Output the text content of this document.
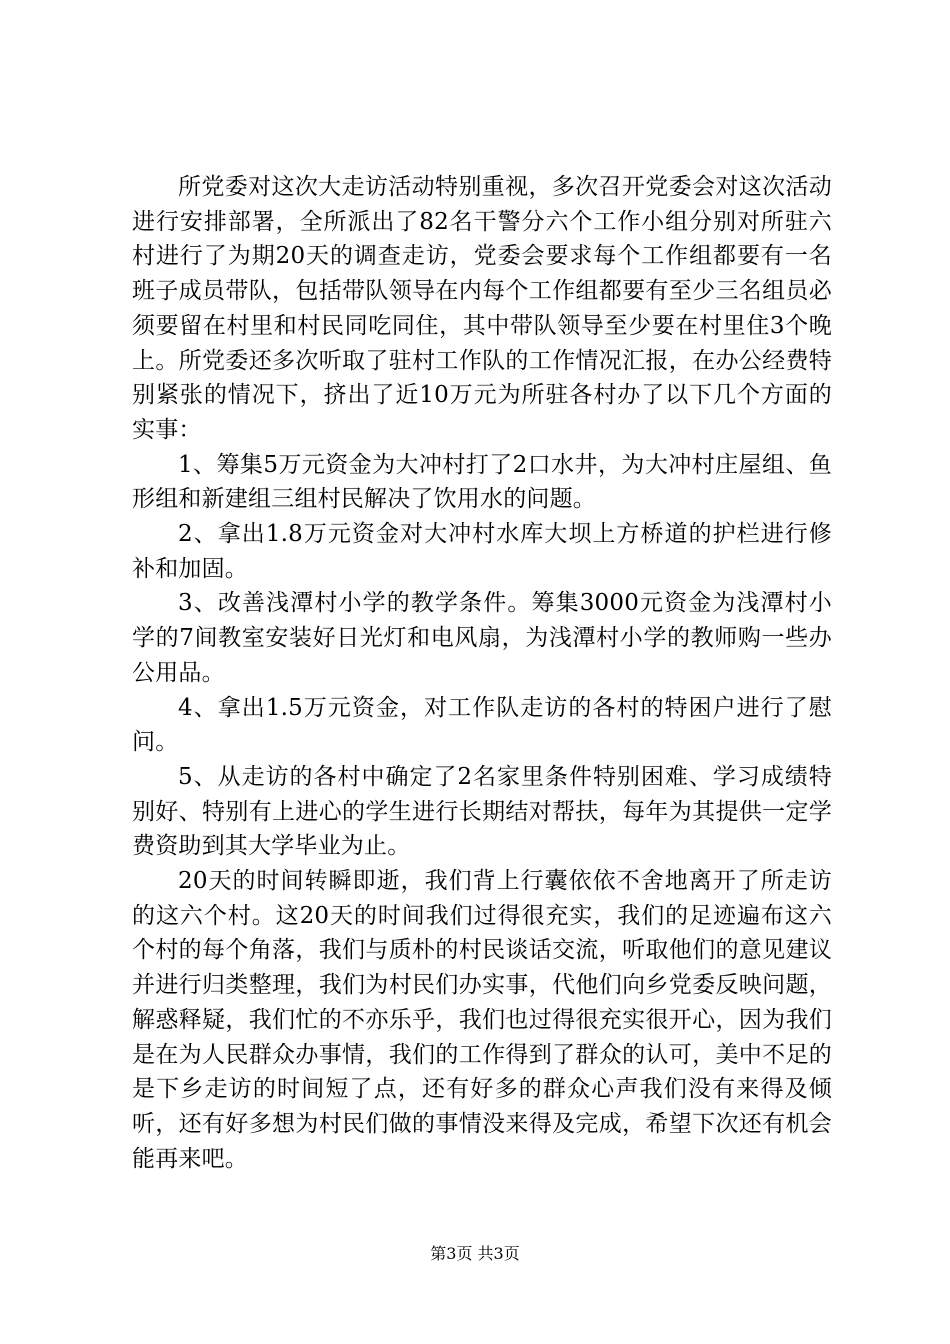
所党委对这次大走访活动特别重视，多次召开党委会对这次活动进行安排部署，全所派出了82名干警分六个工作小组分别对所驻六村进行了为期20天的调查走访，党委会要求每个工作组都要有一名班子成员带队，包括带队领导在内每个工作组都要有至少三名组员必须要留在村里和村民同吃同住，其中带队领导至少要在村里住3个晚上。所党委还多次听取了驻村工作队的工作情况汇报，在办公经费特别紧张的情况下，挤出了近10万元为所驻各村办了以下几个方面的实事：

1、筹集5万元资金为大冲村打了2口水井，为大冲村庄屋组、鱼形组和新建组三组村民解决了饮用水的问题。

2、拿出1.8万元资金对大冲村水库大坝上方桥道的护栏进行修补和加固。

3、改善浅潭村小学的教学条件。筹集3000元资金为浅潭村小学的7间教室安装好日光灯和电风扇，为浅潭村小学的教师购一些办公用品。

4、拿出1.5万元资金，对工作队走访的各村的特困户进行了慰问。

5、从走访的各村中确定了2名家里条件特别困难、学习成绩特别好、特别有上进心的学生进行长期结对帮扶，每年为其提供一定学费资助到其大学毕业为止。

20天的时间转瞬即逝，我们背上行囊依依不舍地离开了所走访的这六个村。这20天的时间我们过得很充实，我们的足迹遍布这六个村的每个角落，我们与质朴的村民谈话交流，听取他们的意见建议并进行归类整理，我们为村民们办实事，代他们向乡党委反映问题，解惑释疑，我们忙的不亦乐乎，我们也过得很充实很开心，因为我们是在为人民群众办事情，我们的工作得到了群众的认可，美中不足的是下乡走访的时间短了点，还有好多的群众心声我们没有来得及倾听，还有好多想为村民们做的事情没来得及完成，希望下次还有机会能再来吧。

第3页 共3页
